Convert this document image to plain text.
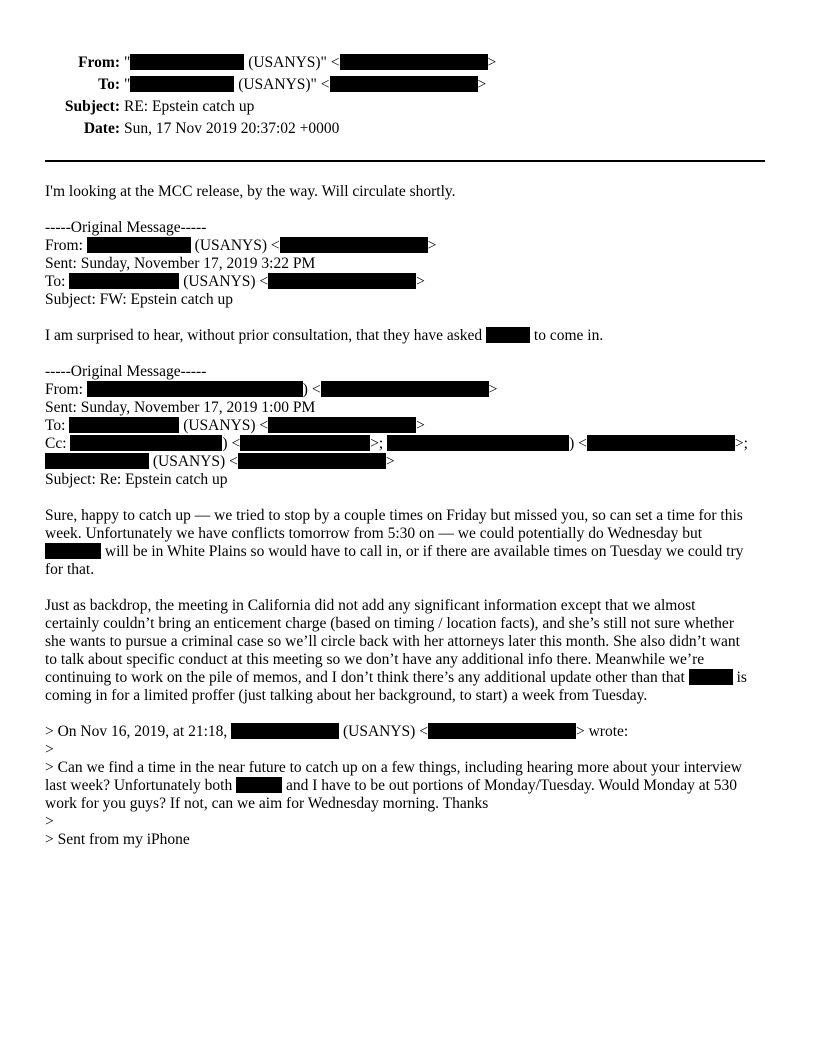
From: "	(USANYS)" <	>
To: "	(USANYS)" <	>
Subject: RE: Epstein catch up
Date: Sun, 17 Nov 2019 20:37:02 +0000
I'm looking at the MCC release, by the way. Will circulate shortly.
-----Original Message-----
From:	(USANYS) <	>
Sent: Sunday, November 17, 2019 3:22 PM
To:	(USANYS) <	>
Subject: FW: Epstein catch up
I am surprised to hear, without prior consultation, that they have asked	to come in.
-----Original Message-----
From:	) <	>
Sent: Sunday, November 17, 2019 1:00 PM
To:	(USANYS) <	>
Cc:	) <	>;	) <	>;
(USANYS) <	>
Subject: Re: Epstein catch up
Sure, happy to catch up — we tried to stop by a couple times on Friday but missed you, so can set a time for this
week. Unfortunately we have conflicts tomorrow from 5:30 on — we could potentially do Wednesday but
will be in White Plains so would have to call in, or if there are available times on Tuesday we could try
for that.
Just as backdrop, the meeting in California did not add any significant information except that we almost
certainly couldn’t bring an enticement charge (based on timing / location facts), and she’s still not sure whether
she wants to pursue a criminal case so we’ll circle back with her attorneys later this month. She also didn’t want
to talk about specific conduct at this meeting so we don’t have any additional info there. Meanwhile we’re
continuing to work on the pile of memos, and I don’t think there’s any additional update other than that	is
coming in for a limited proffer (just talking about her background, to start) a week from Tuesday.
> On Nov 16, 2019, at 21:18,	(USANYS) <	> wrote:
>
> Can we find a time in the near future to catch up on a few things, including hearing more about your interview
last week? Unfortunately both	and I have to be out portions of Monday/Tuesday. Would Monday at 530
work for you guys? If not, can we aim for Wednesday morning. Thanks
>
> Sent from my iPhone
